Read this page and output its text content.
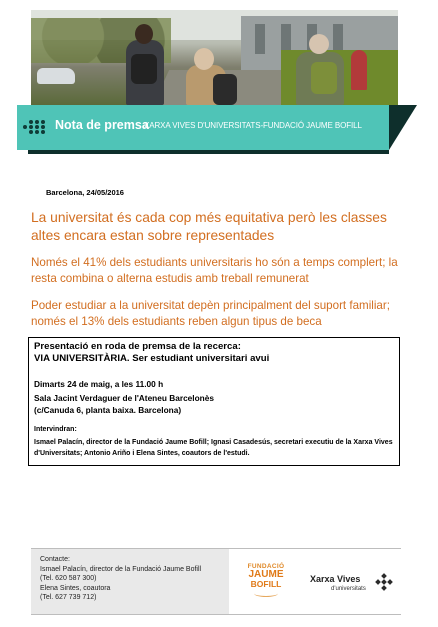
Nota de premsa
XARXA VIVES D'UNIVERSITATS-FUNDACIÓ JAUME BOFILL
Barcelona, 24/05/2016
La universitat és cada cop més equitativa però les classes altes encara estan sobre representades
Només el 41% dels estudiants universitaris ho són a temps complert; la resta combina o alterna estudis amb treball remunerat
Poder estudiar a la universitat depèn principalment del suport familiar; només el 13% dels estudiants reben algun tipus de beca
Presentació en roda de premsa de la recerca:
VIA UNIVERSITÀRIA. Ser estudiant universitari avui
Dimarts 24 de maig, a les 11.00 h
Sala Jacint Verdaguer de l'Ateneu Barcelonès
(c/Canuda 6, planta baixa. Barcelona)
Intervindran:
Ismael Palacín, director de la Fundació Jaume Bofill; Ignasi Casadesús, secretari executiu de la Xarxa Vives d'Universitats; Antonio Ariño i Elena Sintes, coautors de l'estudi.
Contacte:
Ismael Palacín, director de la Fundació Jaume Bofill
(Tel. 620 587 300)
Elena Sintes, coautora
(Tel. 627 739 712)
FUNDACIÓ
JAUME
BOFILL	Xarxa Vives
d'universitats
